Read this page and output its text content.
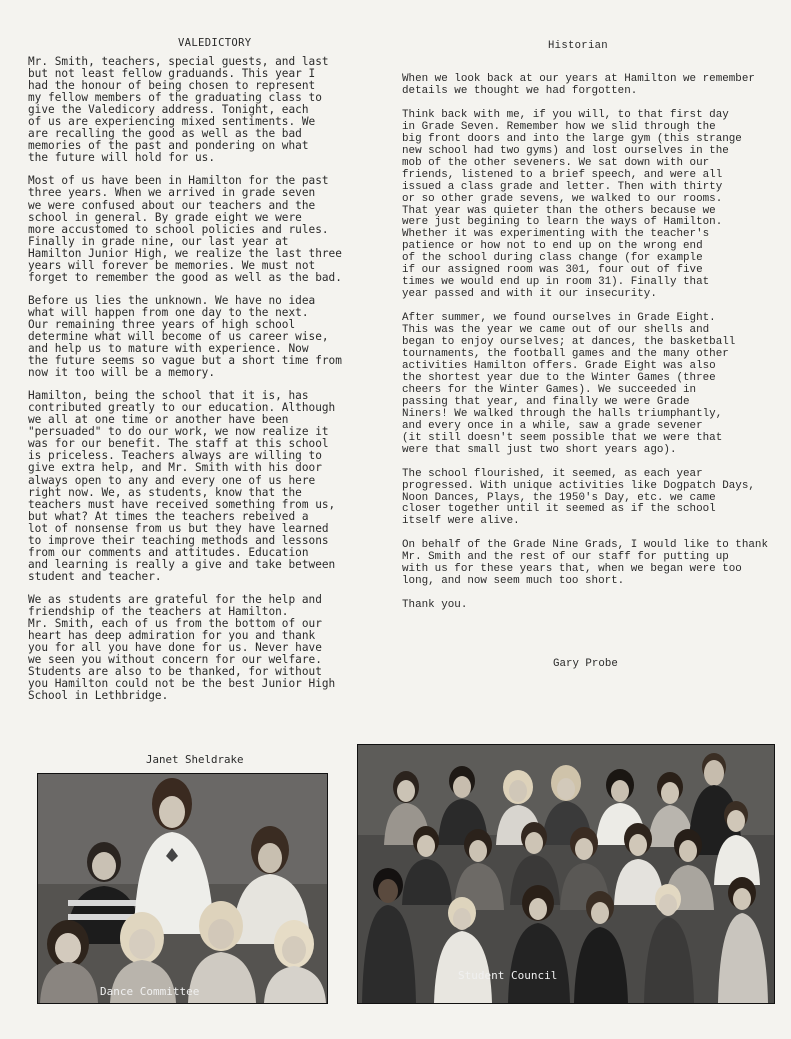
VALEDICTORY

Mr. Smith, teachers, special guests, and last
but not least fellow graduands. This year I
had the honour of being chosen to represent
my fellow members of the graduating class to
give the Valedicory address. Tonight, each
of us are experiencing mixed sentiments. We
are recalling the good as well as the bad
memories of the past and pondering on what
the future will hold for us.

Most of us have been in Hamilton for the past
three years. When we arrived in grade seven
we were confused about our teachers and the
school in general. By grade eight we were
more accustomed to school policies and rules.
Finally in grade nine, our last year at
Hamilton Junior High, we realize the last three
years will forever be memories. We must not
forget to remember the good as well as the bad.

Before us lies the unknown. We have no idea
what will happen from one day to the next.
Our remaining three years of high school
determine what will become of us career wise,
and help us to mature with experience. Now
the future seems so vague but a short time from
now it too will be a memory.

Hamilton, being the school that it is, has
contributed greatly to our education. Although
we all at one time or another have been
"persuaded" to do our work, we now realize it
was for our benefit. The staff at this school
is priceless. Teachers always are willing to
give extra help, and Mr. Smith with his door
always open to any and every one of us here
right now. We, as students, know that the
teachers must have received something from us,
but what? At times the teachers rebeived a
lot of nonsense from us but they have learned
to improve their teaching methods and lessons
from our comments and attitudes. Education
and learning is really a give and take between
student and teacher.

We as students are grateful for the help and
friendship of the teachers at Hamilton.
Mr. Smith, each of us from the bottom of our
heart has deep admiration for you and thank
you for all you have done for us. Never have
we seen you without concern for our welfare.
Students are also to be thanked, for without
you Hamilton could not be the best Junior High
School in Lethbridge.

Janet Sheldrake
Historian

When we look back at our years at Hamilton we remember
details we thought we had forgotten.

Think back with me, if you will, to that first day
in Grade Seven. Remember how we slid through the
big front doors and into the large gym (this strange
new school had two gyms) and lost ourselves in the
mob of the other seveners. We sat down with our
friends, listened to a brief speech, and were all
issued a class grade and letter. Then with thirty
or so other grade sevens, we walked to our rooms.
That year was quieter than the others because we
were just begining to learn the ways of Hamilton.
Whether it was experimenting with the teacher's
patience or how not to end up on the wrong end
of the school during class change (for example
if our assigned room was 301, four out of five
times we would end up in room 31). Finally that
year passed and with it our insecurity.

After summer, we found ourselves in Grade Eight.
This was the year we came out of our shells and
began to enjoy ourselves; at dances, the basketball
tournaments, the football games and the many other
activities Hamilton offers. Grade Eight was also
the shortest year due to the Winter Games (three
cheers for the Winter Games). We succeeded in
passing that year, and finally we were Grade
Niners! We walked through the halls triumphantly,
and every once in a while, saw a grade sevener
(it still doesn't seem possible that we were that
were that small just two short years ago).

The school flourished, it seemed, as each year
progressed. With unique activities like Dogpatch Days,
Noon Dances, Plays, the 1950's Day, etc. we came
closer together until it seemed as if the school
itself were alive.

On behalf of the Grade Nine Grads, I would like to thank
Mr. Smith and the rest of our staff for putting up
with us for these years that, when we began were too
long, and now seem much too short.

Thank you.

Gary Probe
Dance Committee
Student Council
